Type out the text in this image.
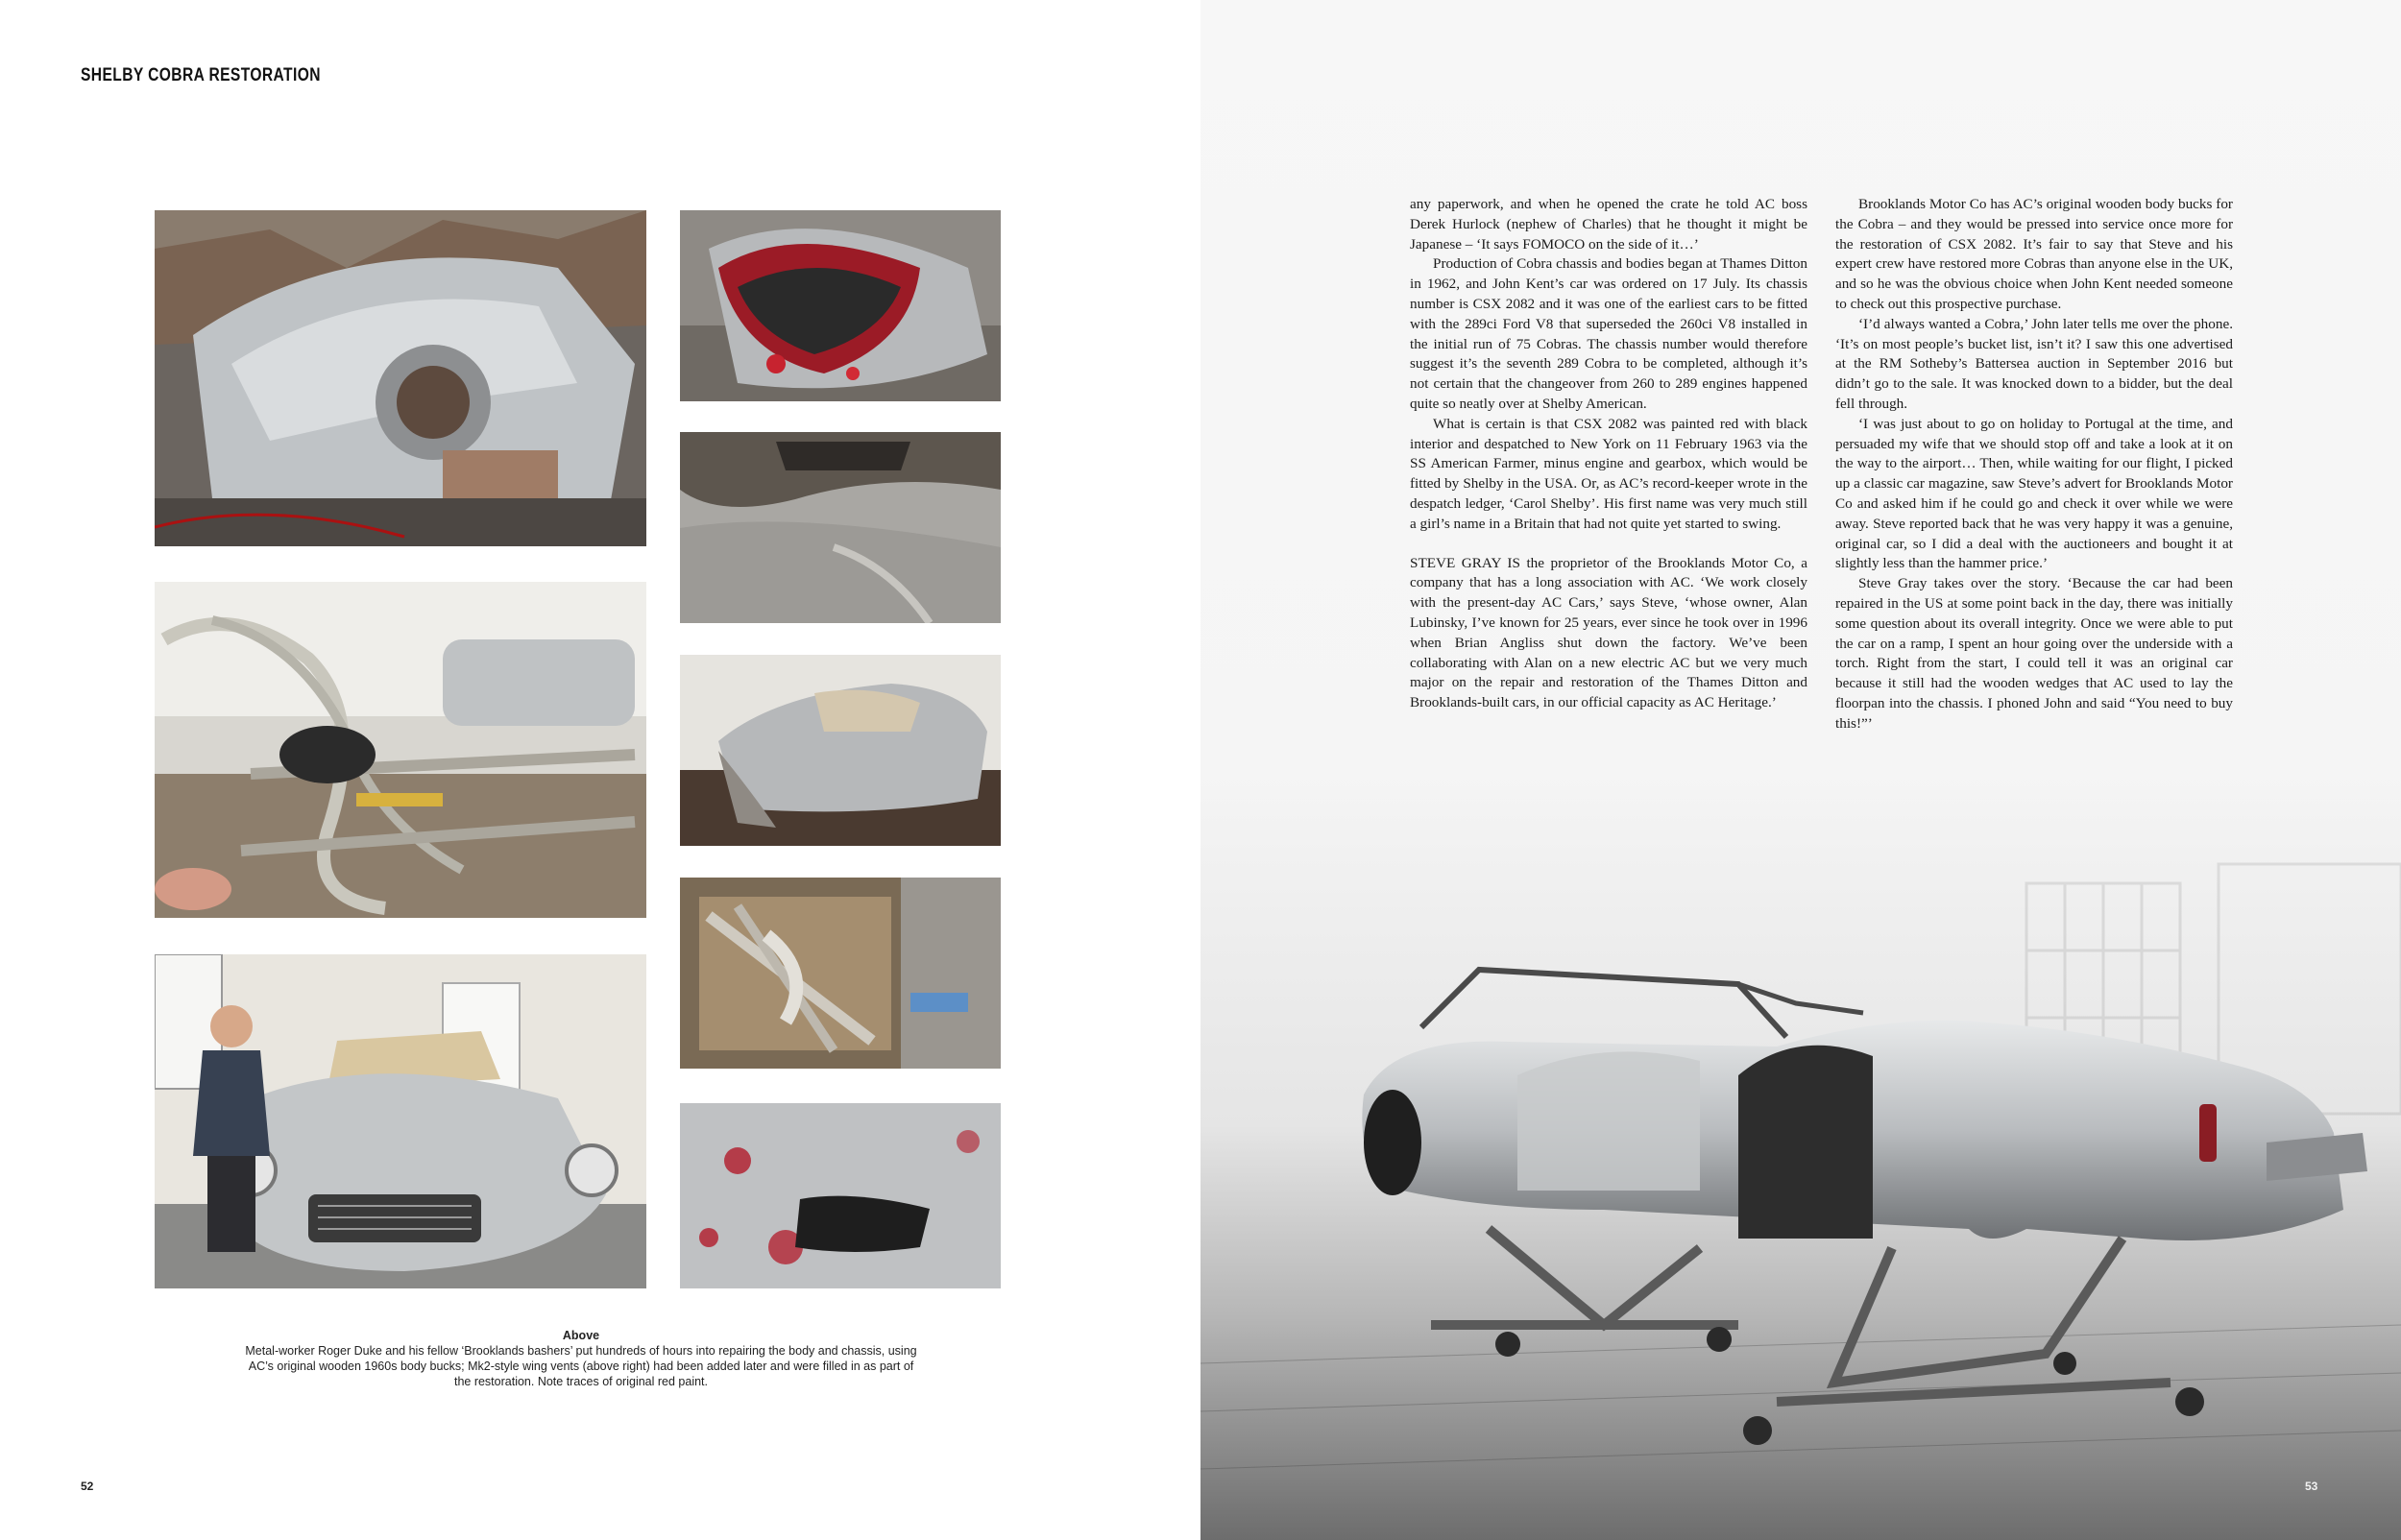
SHELBY COBRA RESTORATION
Above
Metal-worker Roger Duke and his fellow ‘Brooklands bashers’ put hundreds of hours into repairing the body and chassis, using AC’s original wooden 1960s body bucks; Mk2-style wing vents (above right) had been added later and were filled in as part of the restoration. Note traces of original red paint.
52

any paperwork, and when he opened the crate he told AC boss Derek Hurlock (nephew of Charles) that he thought it might be Japanese – ‘It says FOMOCO on the side of it…’

Production of Cobra chassis and bodies began at Thames Ditton in 1962, and John Kent’s car was ordered on 17 July. Its chassis number is CSX 2082 and it was one of the earliest cars to be fitted with the 289ci Ford V8 that superseded the 260ci V8 installed in the initial run of 75 Cobras. The chassis number would therefore suggest it’s the seventh 289 Cobra to be completed, although it’s not certain that the changeover from 260 to 289 engines happened quite so neatly over at Shelby American.

What is certain is that CSX 2082 was painted red with black interior and despatched to New York on 11 February 1963 via the SS American Farmer, minus engine and gearbox, which would be fitted by Shelby in the USA. Or, as AC’s record-keeper wrote in the despatch ledger, ‘Carol Shelby’. His first name was very much still a girl’s name in a Britain that had not quite yet started to swing.

STEVE GRAY IS the proprietor of the Brooklands Motor Co, a company that has a long association with AC. ‘We work closely with the present-day AC Cars,’ says Steve, ‘whose owner, Alan Lubinsky, I’ve known for 25 years, ever since he took over in 1996 when Brian Angliss shut down the factory. We’ve been collaborating with Alan on a new electric AC but we very much major on the repair and restoration of the Thames Ditton and Brooklands-built cars, in our official capacity as AC Heritage.’

Brooklands Motor Co has AC’s original wooden body bucks for the Cobra – and they would be pressed into service once more for the restoration of CSX 2082. It’s fair to say that Steve and his expert crew have restored more Cobras than anyone else in the UK, and so he was the obvious choice when John Kent needed someone to check out this prospective purchase.

‘I’d always wanted a Cobra,’ John later tells me over the phone. ‘It’s on most people’s bucket list, isn’t it? I saw this one advertised at the RM Sotheby’s Battersea auction in September 2016 but didn’t go to the sale. It was knocked down to a bidder, but the deal fell through.

‘I was just about to go on holiday to Portugal at the time, and persuaded my wife that we should stop off and take a look at it on the way to the airport… Then, while waiting for our flight, I picked up a classic car magazine, saw Steve’s advert for Brooklands Motor Co and asked him if he could go and check it over while we were away. Steve reported back that he was very happy it was a genuine, original car, so I did a deal with the auctioneers and bought it at slightly less than the hammer price.’

Steve Gray takes over the story. ‘Because the car had been repaired in the US at some point back in the day, there was initially some question about its overall integrity. Once we were able to put the car on a ramp, I spent an hour going over the underside with a torch. Right from the start, I could tell it was an original car because it still had the wooden wedges that AC used to lay the floorpan into the chassis. I phoned John and said “You need to buy this!”’

53
